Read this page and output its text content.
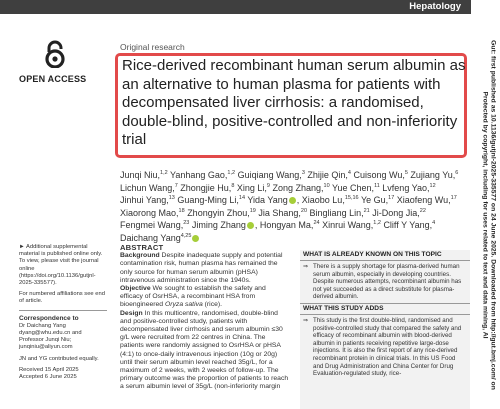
Hepatology
OPEN ACCESS
Original research
Rice-derived recombinant human serum albumin as an alternative to human plasma for patients with decompensated liver cirrhosis: a randomised, double-blind, positive-controlled and non-inferiority trial
Junqi Niu,$^{1,2}$ Yanhang Gao,$^{1,2}$ Guiqiang Wang,$^3$ Zhijie Qin,$^4$ Cuisong Wu,$^5$ Zujiang Yu,$^6$ Lichun Wang,$^7$ Zhongjie Hu,$^8$ Xing Li,$^9$ Zong Zhang,$^{10}$ Yue Chen,$^{11}$ Lvfeng Yao,$^{12}$ Jinhui Yang,$^{13}$ Guang-Ming Li,$^{14}$ Yida Yang , Xiaobo Lu,$^{15,16}$ Ye Gu,$^{17}$ Xiaofeng Wu,$^{17}$ Xiaorong Mao,$^{18}$ Zhongyin Zhou,$^{19}$ Jia Shang,$^{20}$ Bingliang Lin,$^{21}$ Ji-Dong Jia,$^{22}$ Fengmei Wang,$^{23}$ Jiming Zhang , Hongyan Ma,$^{24}$ Xinrui Wang,$^{1,2}$ Cliff Y Yang,$^4$ Daichang Yang$^{4,25}$

► Additional supplemental material is published online only. To view, please visit the journal online (https://doi.org/10.1136/gutjnl-2025-335577).

For numbered affiliations see end of article.

Correspondence to
Dr Daichang Yang dyang@whu.edu.cn and Professor Junqi Niu; junqiniu@aliyun.com

JN and YG contributed equally.

Received 15 April 2025
Accepted 6 June 2025

ABSTRACT
Background Despite inadequate supply and potential contamination risk, human plasma has remained the only source for human serum albumin (pHSA) intravenous administration since the 1940s.
Objective We sought to establish the safety and efficacy of OsrHSA, a recombinant HSA from bioengineered Oryza sativa (rice).
Design In this multicentre, randomised, double-blind and positive-controlled study, patients with decompensated liver cirrhosis and serum albumin ≤30 g/L were recruited from 22 centres in China. The patients were randomly assigned to OsrHSA or pHSA (4:1) to once-daily intravenous injection (10g or 20g) until their serum albumin level reached 35g/L, for a maximum of 2 weeks, with 2 weeks of follow-up. The primary outcome was the proportion of patients to reach a serum albumin level of 35g/L (non-inferiority margin
WHAT IS ALREADY KNOWN ON THIS TOPIC
⇒ There is a supply shortage for plasma-derived human serum albumin, especially in developing countries. Despite numerous attempts, recombinant albumin has not yet succeeded as a direct substitute for plasma-derived albumin.
WHAT THIS STUDY ADDS
⇒ This study is the first double-blind, randomised and positive-controlled study that compared the safety and efficacy of recombinant albumin with blood-derived albumin in patients receiving repetitive large-dose injections. It is also the first report of any rice-derived recombinant protein in clinical trials. In this US Food and Drug Administration and China Center for Drug Evaluation-regulated study, rice-	Gut: first published as 10.1136/gutjnl-2025-335577 on 24 June 2025. Downloaded from http://gut.bmj.com/ on
Protected by copyright, including for uses related to text and data mining, AI
